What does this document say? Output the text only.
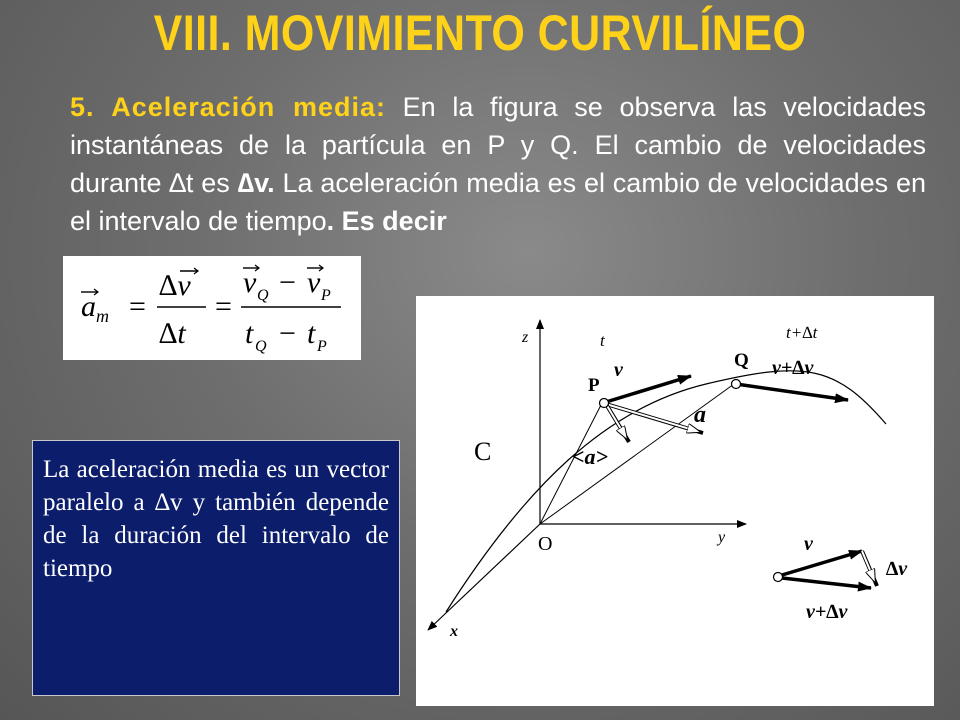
VIII. MOVIMIENTO CURVILÍNEO
5. Aceleración media: En la figura se observa las velocidades instantáneas de la partícula en P y Q. El cambio de velocidades durante ∆t es ∆v. La aceleración media es el cambio de velocidades en el intervalo de tiempo. Es decir
a m =
∆v
∆t
=
v Q − v P
t Q − t P
La aceleración media es un vector paralelo a ∆v y también depende de la duración del intervalo de tiempo
z
y
x
O
C
P
Q
t	t+∆t
v	v+∆v
a
<a>
v
∆v
v+∆v
